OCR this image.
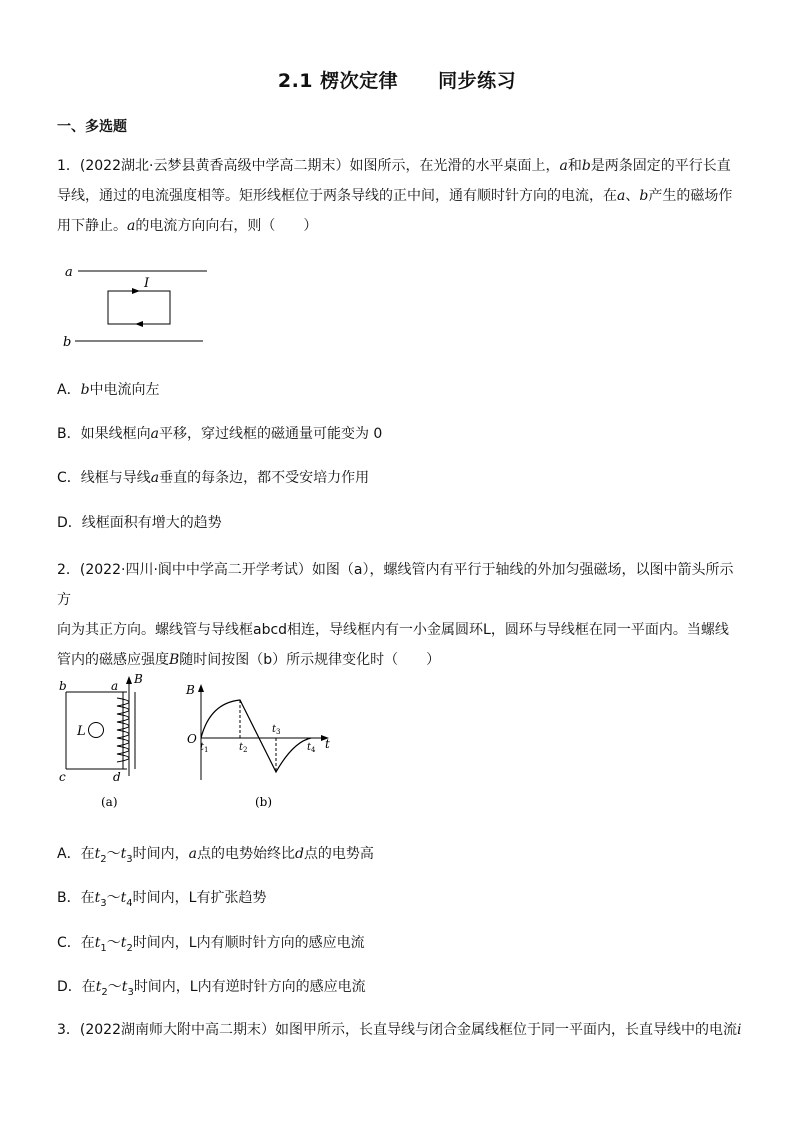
2.1 楞次定律 同步练习
一、多选题
1．(2022湖北·云梦县黄香高级中学高二期末）如图所示，在光滑的水平桌面上，a和b是两条固定的平行长直
导线，通过的电流强度相等。矩形线框位于两条导线的正中间，通有顺时针方向的电流，在a、b产生的磁场作
用下静止。a的电流方向向右，则（　　）
a
b
I
A．b中电流向左
B．如果线框向a平移，穿过线框的磁通量可能变为 0
C．线框与导线a垂直的每条边，都不受安培力作用
D．线框面积有增大的趋势
2．(2022·四川·阆中中学高二开学考试）如图（a），螺线管内有平行于轴线的外加匀强磁场，以图中箭头所示方
向为其正方向。螺线管与导线框abcd相连，导线框内有一小金属圆环L，圆环与导线框在同一平面内。当螺线
管内的磁感应强度B随时间按图（b）所示规律变化时（　　）
B
a
b
c	d
L
(a)
B
O	t
$t_1$	$t_2$
$t_3$
$t_4$
(b)
A．在$t_2\sim t_3$时间内，a点的电势始终比d点的电势高
B．在$t_3\sim t_4$时间内，L有扩张趋势
C．在$t_1\sim t_2$时间内，L内有顺时针方向的感应电流
D．在$t_2\sim t_3$时间内，L内有逆时针方向的感应电流
3．(2022湖南师大附中高二期末）如图甲所示，长直导线与闭合金属线框位于同一平面内，长直导线中的电流i
